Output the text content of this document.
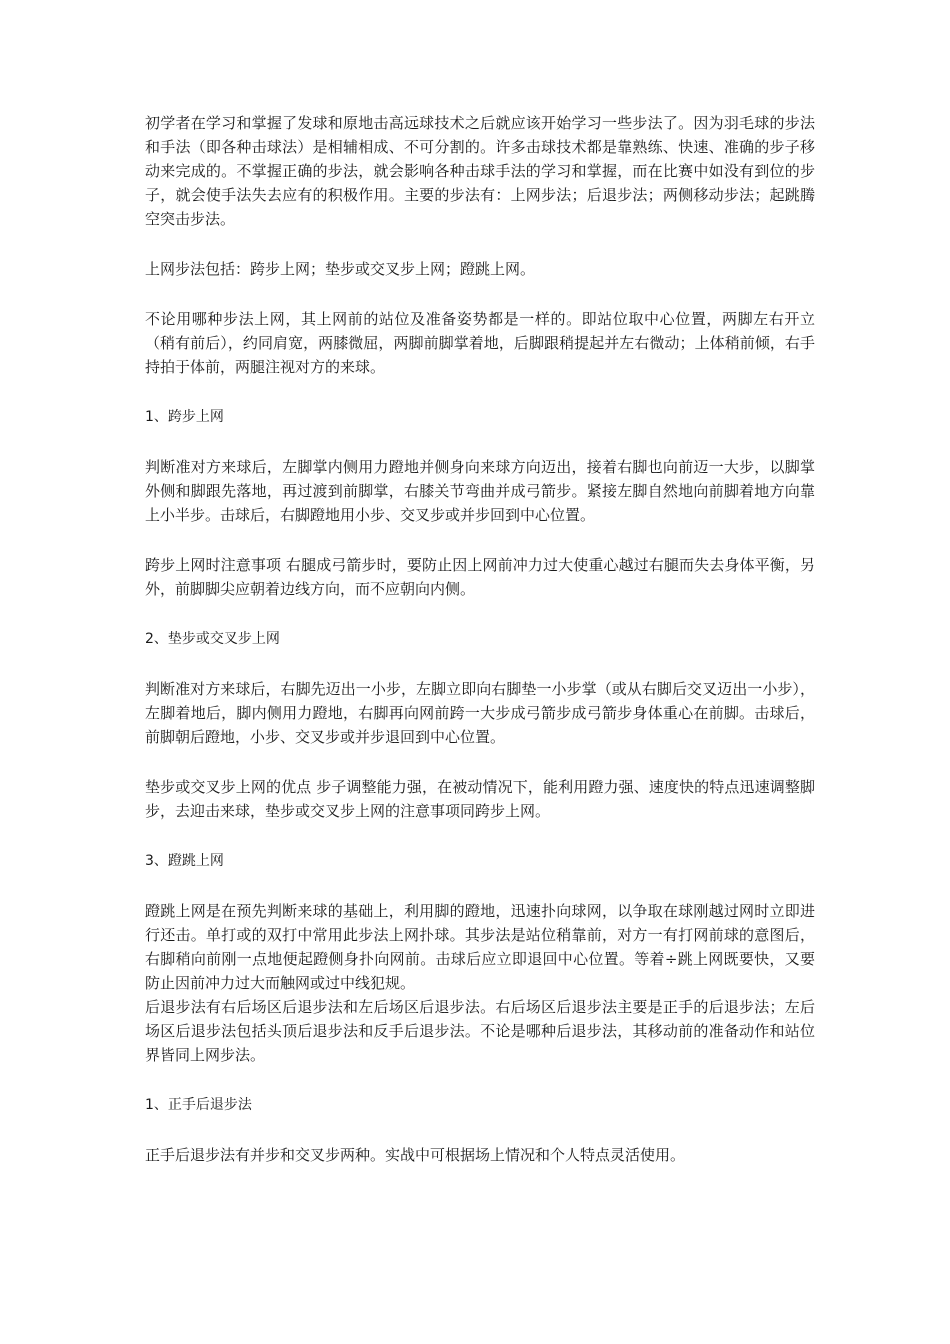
初学者在学习和掌握了发球和原地击高远球技术之后就应该开始学习一些步法了。因为羽毛球的步法和手法（即各种击球法）是相辅相成、不可分割的。许多击球技术都是靠熟练、快速、准确的步子移动来完成的。不掌握正确的步法，就会影响各种击球手法的学习和掌握，而在比赛中如没有到位的步子，就会使手法失去应有的积极作用。主要的步法有：上网步法；后退步法；两侧移动步法；起跳腾空突击步法。

上网步法包括：跨步上网；垫步或交叉步上网；蹬跳上网。

不论用哪种步法上网，其上网前的站位及准备姿势都是一样的。即站位取中心位置，两脚左右开立（稍有前后），约同肩宽，两膝微屈，两脚前脚掌着地，后脚跟稍提起并左右微动；上体稍前倾，右手持拍于体前，两腿注视对方的来球。

1、跨步上网

判断准对方来球后，左脚掌内侧用力蹬地并侧身向来球方向迈出，接着右脚也向前迈一大步，以脚掌外侧和脚跟先落地，再过渡到前脚掌，右膝关节弯曲并成弓箭步。紧接左脚自然地向前脚着地方向靠上小半步。击球后，右脚蹬地用小步、交叉步或并步回到中心位置。

跨步上网时注意事项 右腿成弓箭步时，要防止因上网前冲力过大使重心越过右腿而失去身体平衡，另外，前脚脚尖应朝着边线方向，而不应朝向内侧。

2、垫步或交叉步上网

判断准对方来球后，右脚先迈出一小步，左脚立即向右脚垫一小步掌（或从右脚后交叉迈出一小步），左脚着地后，脚内侧用力蹬地，右脚再向网前跨一大步成弓箭步成弓箭步身体重心在前脚。击球后，前脚朝后蹬地，小步、交叉步或并步退回到中心位置。

垫步或交叉步上网的优点 步子调整能力强，在被动情况下，能利用蹬力强、速度快的特点迅速调整脚步，去迎击来球，垫步或交叉步上网的注意事项同跨步上网。

3、蹬跳上网

蹬跳上网是在预先判断来球的基础上，利用脚的蹬地，迅速扑向球网，以争取在球刚越过网时立即进行还击。单打或的双打中常用此步法上网扑球。其步法是站位稍靠前，对方一有打网前球的意图后，右脚稍向前刚一点地便起蹬侧身扑向网前。击球后应立即退回中心位置。等着÷跳上网既要快，又要防止因前冲力过大而触网或过中线犯规。

后退步法有右后场区后退步法和左后场区后退步法。右后场区后退步法主要是正手的后退步法；左后场区后退步法包括头顶后退步法和反手后退步法。不论是哪种后退步法，其移动前的准备动作和站位界皆同上网步法。

1、正手后退步法

正手后退步法有并步和交叉步两种。实战中可根据场上情况和个人特点灵活使用。
